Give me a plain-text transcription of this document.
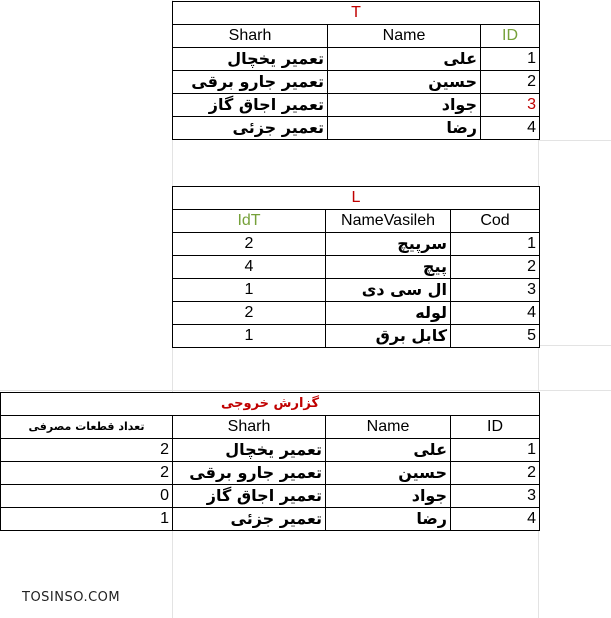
T		
Sharh	Name	ID
تعمیر یخچال	علی	1
تعمیر جارو برقی	حسین	2
تعمیر اجاق گاز	جواد	3
تعمیر جزئی	رضا	4
L		
IdT	NameVasileh	Cod
2	سرپیچ	1
4	پیچ	2
1	ال سی دی	3
2	لوله	4
1	کابل برق	5
گزارش خروجی			
تعداد قطعات مصرفی	Sharh	Name	ID
2	تعمیر یخچال	علی	1
2	تعمیر جارو برقی	حسین	2
0	تعمیر اجاق گاز	جواد	3
1	تعمیر جزئی	رضا	4
TOSINSO.COM
